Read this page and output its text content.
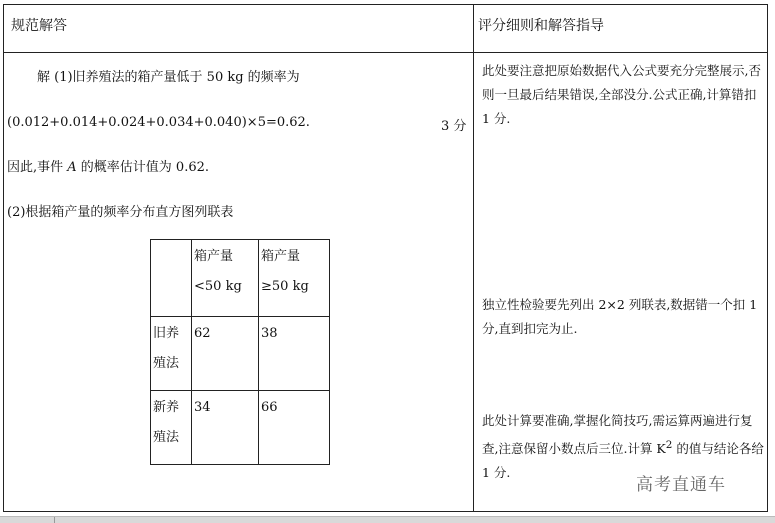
规范解答	评分细则和解答指导
解 (1)旧养殖法的箱产量低于 50 kg 的频率为
(0.012+0.014+0.024+0.034+0.040)×5=0.62.	3 分
因此,事件 A 的概率估计值为 0.62.
(2)根据箱产量的频率分布直方图列联表
	箱产量<50 kg	箱产量 ≥50 kg
旧养殖法	62	38
新养殖法	34	66
此处要注意把原始数据代入公式要充分完整展示,否则一旦最后结果错误,全部没分.公式正确,计算错扣 1 分.
独立性检验要先列出 2×2 列联表,数据错一个扣 1 分,直到扣完为止.
此处计算要准确,掌握化简技巧,需运算两遍进行复查,注意保留小数点后三位.计算 $K^2$ 的值与结论各给 1 分.
高考直通车
